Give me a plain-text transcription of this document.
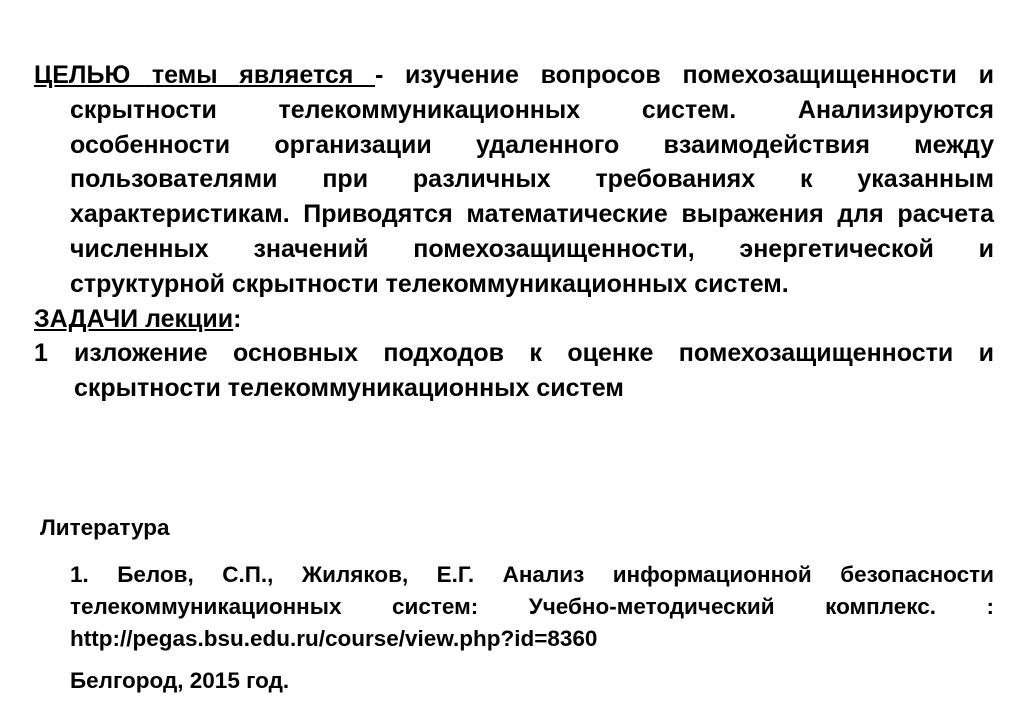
ЦЕЛЬЮ темы является - изучение вопросов помехозащищенности и скрытности телекоммуникационных систем. Анализируются особенности организации удаленного взаимодействия между пользователями при различных требованиях к указанным характеристикам. Приводятся математические выражения для расчета численных значений помехозащищенности, энергетической и структурной скрытности телекоммуникационных систем.

ЗАДАЧИ лекции:

1	изложение основных подходов к оценке помехозащищенности и скрытности телекоммуникационных систем

Литература

1. Белов, С.П., Жиляков, Е.Г. Анализ информационной безопасности телекоммуникационных систем: Учебно-методический комплекс. : http://pegas.bsu.edu.ru/course/view.php?id=8360

Белгород, 2015 год.
